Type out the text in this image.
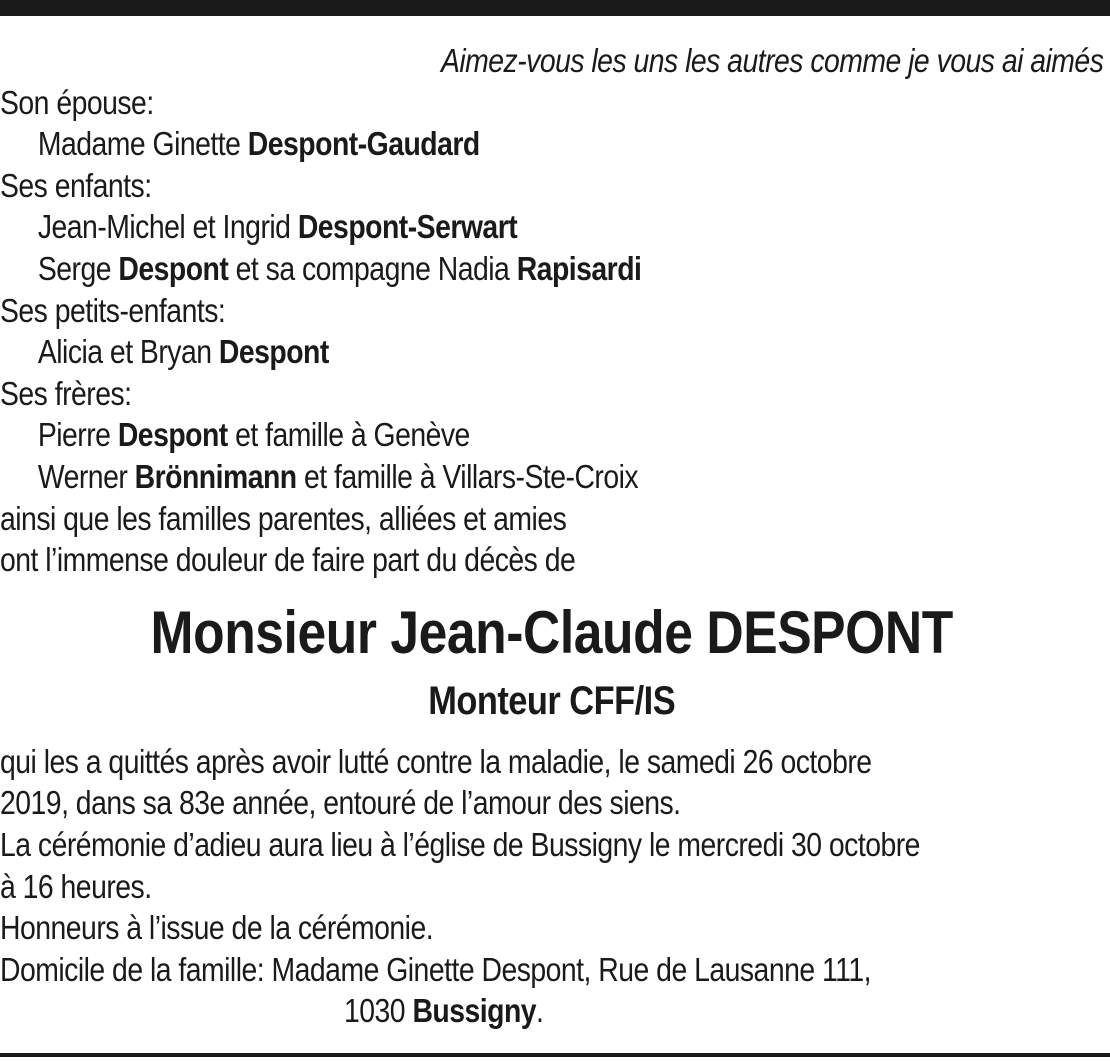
Aimez-vous les uns les autres comme je vous ai aimés
Son épouse:
Madame Ginette Despont-Gaudard
Ses enfants:
Jean-Michel et Ingrid Despont-Serwart
Serge Despont et sa compagne Nadia Rapisardi
Ses petits-enfants:
Alicia et Bryan Despont
Ses frères:
Pierre Despont et famille à Genève
Werner Brönnimann et famille à Villars-Ste-Croix
ainsi que les familles parentes, alliées et amies
ont l’immense douleur de faire part du décès de
Monsieur Jean-Claude DESPONT
Monteur CFF/IS
qui les a quittés après avoir lutté contre la maladie, le samedi 26 octobre
2019, dans sa 83e année, entouré de l’amour des siens.
La cérémonie d’adieu aura lieu à l’église de Bussigny le mercredi 30 octobre
à 16 heures.
Honneurs à l’issue de la cérémonie.
Domicile de la famille: Madame Ginette Despont, Rue de Lausanne 111,
1030 Bussigny.
